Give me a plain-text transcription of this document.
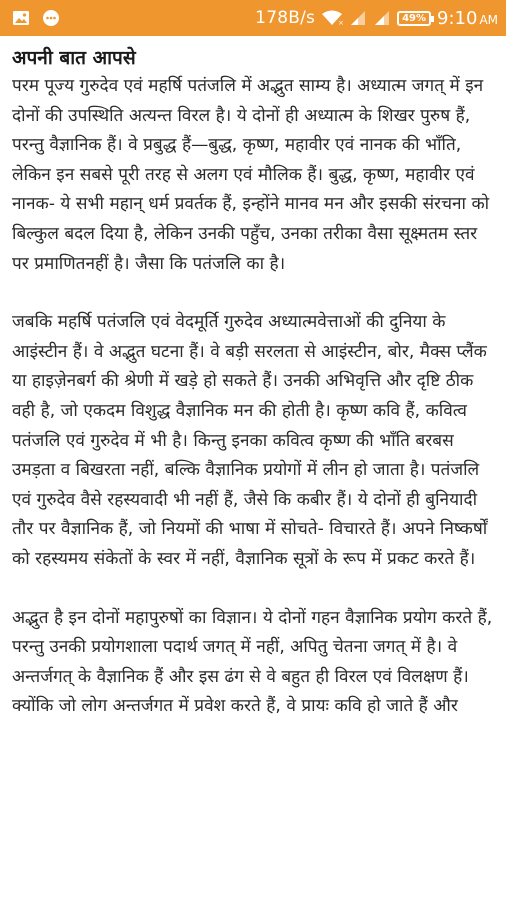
178B/s	×	49% 9:10 AM
अपनी बात आपसे

परम पूज्य गुरुदेव एवं महर्षि पतंजलि में अद्भुत साम्य है। अध्यात्म जगत् में इन दोनों की उपस्थिति अत्यन्त विरल है। ये दोनों ही अध्यात्म के शिखर पुरुष हैं, परन्तु वैज्ञानिक हैं। वे प्रबुद्ध हैं—बुद्ध, कृष्ण, महावीर एवं नानक की भाँति, लेकिन इन सबसे पूरी तरह से अलग एवं मौलिक हैं। बुद्ध, कृष्ण, महावीर एवं नानक- ये सभी महान् धर्म प्रवर्तक हैं, इन्होंने मानव मन और इसकी संरचना को बिल्कुल बदल दिया है, लेकिन उनकी पहुँच, उनका तरीका वैसा सूक्ष्मतम स्तर पर प्रमाणितनहीं है। जैसा कि पतंजलि का है।

जबकि महर्षि पतंजलि एवं वेदमूर्ति गुरुदेव अध्यात्मवेत्ताओं की दुनिया के आइंस्टीन हैं। वे अद्भुत घटना हैं। वे बड़ी सरलता से आइंस्टीन, बोर, मैक्स प्लैंक या हाइज़ेनबर्ग की श्रेणी में खड़े हो सकते हैं। उनकी अभिवृत्ति और दृष्टि ठीक वही है, जो एकदम विशुद्ध वैज्ञानिक मन की होती है। कृष्ण कवि हैं, कवित्व पतंजलि एवं गुरुदेव में भी है। किन्तु इनका कवित्व कृष्ण की भाँति बरबस उमड़ता व बिखरता नहीं, बल्कि वैज्ञानिक प्रयोगों में लीन हो जाता है। पतंजलि एवं गुरुदेव वैसे रहस्यवादी भी नहीं हैं, जैसे कि कबीर हैं। ये दोनों ही बुनियादी तौर पर वैज्ञानिक हैं, जो नियमों की भाषा में सोचते- विचारते हैं। अपने निष्कर्षों को रहस्यमय संकेतों के स्वर में नहीं, वैज्ञानिक सूत्रों के रूप में प्रकट करते हैं।

अद्भुत है इन दोनों महापुरुषों का विज्ञान। ये दोनों गहन वैज्ञानिक प्रयोग करते हैं, परन्तु उनकी प्रयोगशाला पदार्थ जगत् में नहीं, अपितु चेतना जगत् में है। वे अन्तर्जगत् के वैज्ञानिक हैं और इस ढंग से वे बहुत ही विरल एवं विलक्षण हैं। क्योंकि जो लोग अन्तर्जगत में प्रवेश करते हैं, वे प्रायः कवि हो जाते हैं और
